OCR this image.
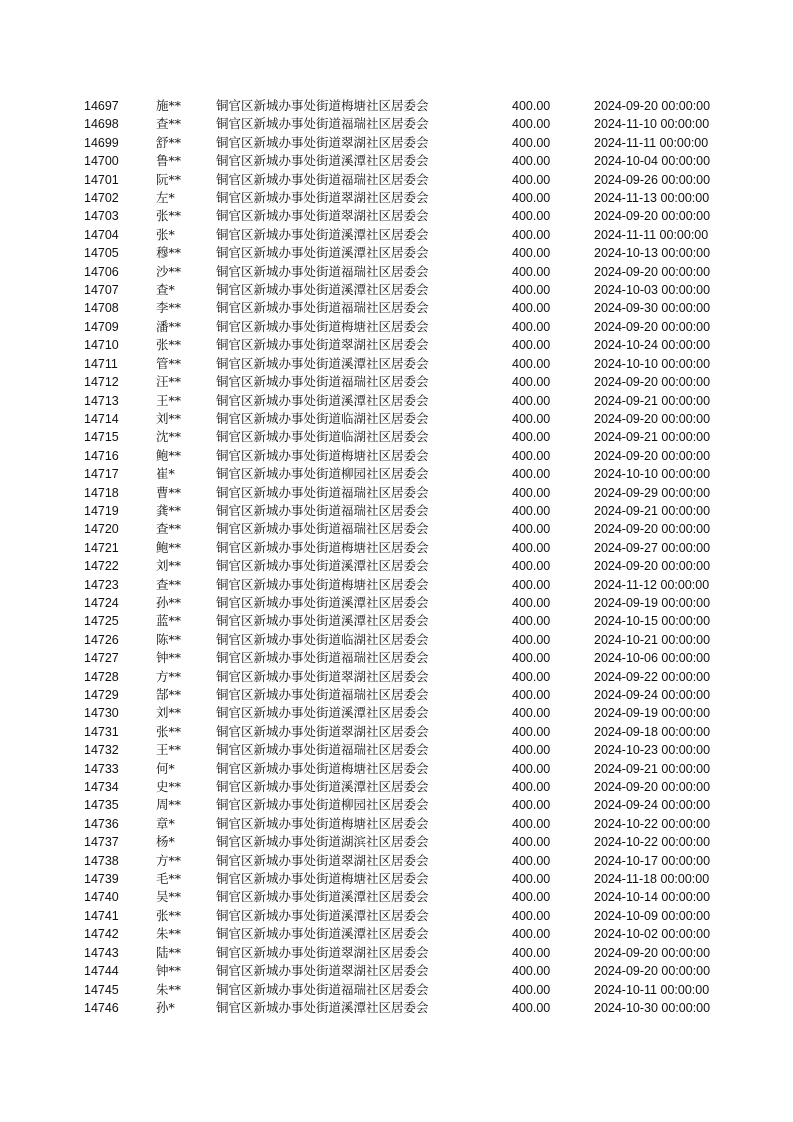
14697	施**	铜官区新城办事处街道梅塘社区居委会	400.00	2024-09-20 00:00:00
14698	查**	铜官区新城办事处街道福瑞社区居委会	400.00	2024-11-10 00:00:00
14699	舒**	铜官区新城办事处街道翠湖社区居委会	400.00	2024-11-11 00:00:00
14700	鲁**	铜官区新城办事处街道溪潭社区居委会	400.00	2024-10-04 00:00:00
14701	阮**	铜官区新城办事处街道福瑞社区居委会	400.00	2024-09-26 00:00:00
14702	左*	铜官区新城办事处街道翠湖社区居委会	400.00	2024-11-13 00:00:00
14703	张**	铜官区新城办事处街道翠湖社区居委会	400.00	2024-09-20 00:00:00
14704	张*	铜官区新城办事处街道溪潭社区居委会	400.00	2024-11-11 00:00:00
14705	穆**	铜官区新城办事处街道溪潭社区居委会	400.00	2024-10-13 00:00:00
14706	沙**	铜官区新城办事处街道福瑞社区居委会	400.00	2024-09-20 00:00:00
14707	查*	铜官区新城办事处街道溪潭社区居委会	400.00	2024-10-03 00:00:00
14708	李**	铜官区新城办事处街道福瑞社区居委会	400.00	2024-09-30 00:00:00
14709	潘**	铜官区新城办事处街道梅塘社区居委会	400.00	2024-09-20 00:00:00
14710	张**	铜官区新城办事处街道翠湖社区居委会	400.00	2024-10-24 00:00:00
14711	管**	铜官区新城办事处街道溪潭社区居委会	400.00	2024-10-10 00:00:00
14712	汪**	铜官区新城办事处街道福瑞社区居委会	400.00	2024-09-20 00:00:00
14713	王**	铜官区新城办事处街道溪潭社区居委会	400.00	2024-09-21 00:00:00
14714	刘**	铜官区新城办事处街道临湖社区居委会	400.00	2024-09-20 00:00:00
14715	沈**	铜官区新城办事处街道临湖社区居委会	400.00	2024-09-21 00:00:00
14716	鲍**	铜官区新城办事处街道梅塘社区居委会	400.00	2024-09-20 00:00:00
14717	崔*	铜官区新城办事处街道柳园社区居委会	400.00	2024-10-10 00:00:00
14718	曹**	铜官区新城办事处街道福瑞社区居委会	400.00	2024-09-29 00:00:00
14719	龚**	铜官区新城办事处街道福瑞社区居委会	400.00	2024-09-21 00:00:00
14720	查**	铜官区新城办事处街道福瑞社区居委会	400.00	2024-09-20 00:00:00
14721	鲍**	铜官区新城办事处街道梅塘社区居委会	400.00	2024-09-27 00:00:00
14722	刘**	铜官区新城办事处街道溪潭社区居委会	400.00	2024-09-20 00:00:00
14723	查**	铜官区新城办事处街道梅塘社区居委会	400.00	2024-11-12 00:00:00
14724	孙**	铜官区新城办事处街道溪潭社区居委会	400.00	2024-09-19 00:00:00
14725	蓝**	铜官区新城办事处街道溪潭社区居委会	400.00	2024-10-15 00:00:00
14726	陈**	铜官区新城办事处街道临湖社区居委会	400.00	2024-10-21 00:00:00
14727	钟**	铜官区新城办事处街道福瑞社区居委会	400.00	2024-10-06 00:00:00
14728	方**	铜官区新城办事处街道翠湖社区居委会	400.00	2024-09-22 00:00:00
14729	郜**	铜官区新城办事处街道福瑞社区居委会	400.00	2024-09-24 00:00:00
14730	刘**	铜官区新城办事处街道溪潭社区居委会	400.00	2024-09-19 00:00:00
14731	张**	铜官区新城办事处街道翠湖社区居委会	400.00	2024-09-18 00:00:00
14732	王**	铜官区新城办事处街道福瑞社区居委会	400.00	2024-10-23 00:00:00
14733	何*	铜官区新城办事处街道梅塘社区居委会	400.00	2024-09-21 00:00:00
14734	史**	铜官区新城办事处街道溪潭社区居委会	400.00	2024-09-20 00:00:00
14735	周**	铜官区新城办事处街道柳园社区居委会	400.00	2024-09-24 00:00:00
14736	章*	铜官区新城办事处街道梅塘社区居委会	400.00	2024-10-22 00:00:00
14737	杨*	铜官区新城办事处街道湖滨社区居委会	400.00	2024-10-22 00:00:00
14738	方**	铜官区新城办事处街道翠湖社区居委会	400.00	2024-10-17 00:00:00
14739	毛**	铜官区新城办事处街道梅塘社区居委会	400.00	2024-11-18 00:00:00
14740	吴**	铜官区新城办事处街道溪潭社区居委会	400.00	2024-10-14 00:00:00
14741	张**	铜官区新城办事处街道溪潭社区居委会	400.00	2024-10-09 00:00:00
14742	朱**	铜官区新城办事处街道溪潭社区居委会	400.00	2024-10-02 00:00:00
14743	陆**	铜官区新城办事处街道翠湖社区居委会	400.00	2024-09-20 00:00:00
14744	钟**	铜官区新城办事处街道翠湖社区居委会	400.00	2024-09-20 00:00:00
14745	朱**	铜官区新城办事处街道福瑞社区居委会	400.00	2024-10-11 00:00:00
14746	孙*	铜官区新城办事处街道溪潭社区居委会	400.00	2024-10-30 00:00:00
